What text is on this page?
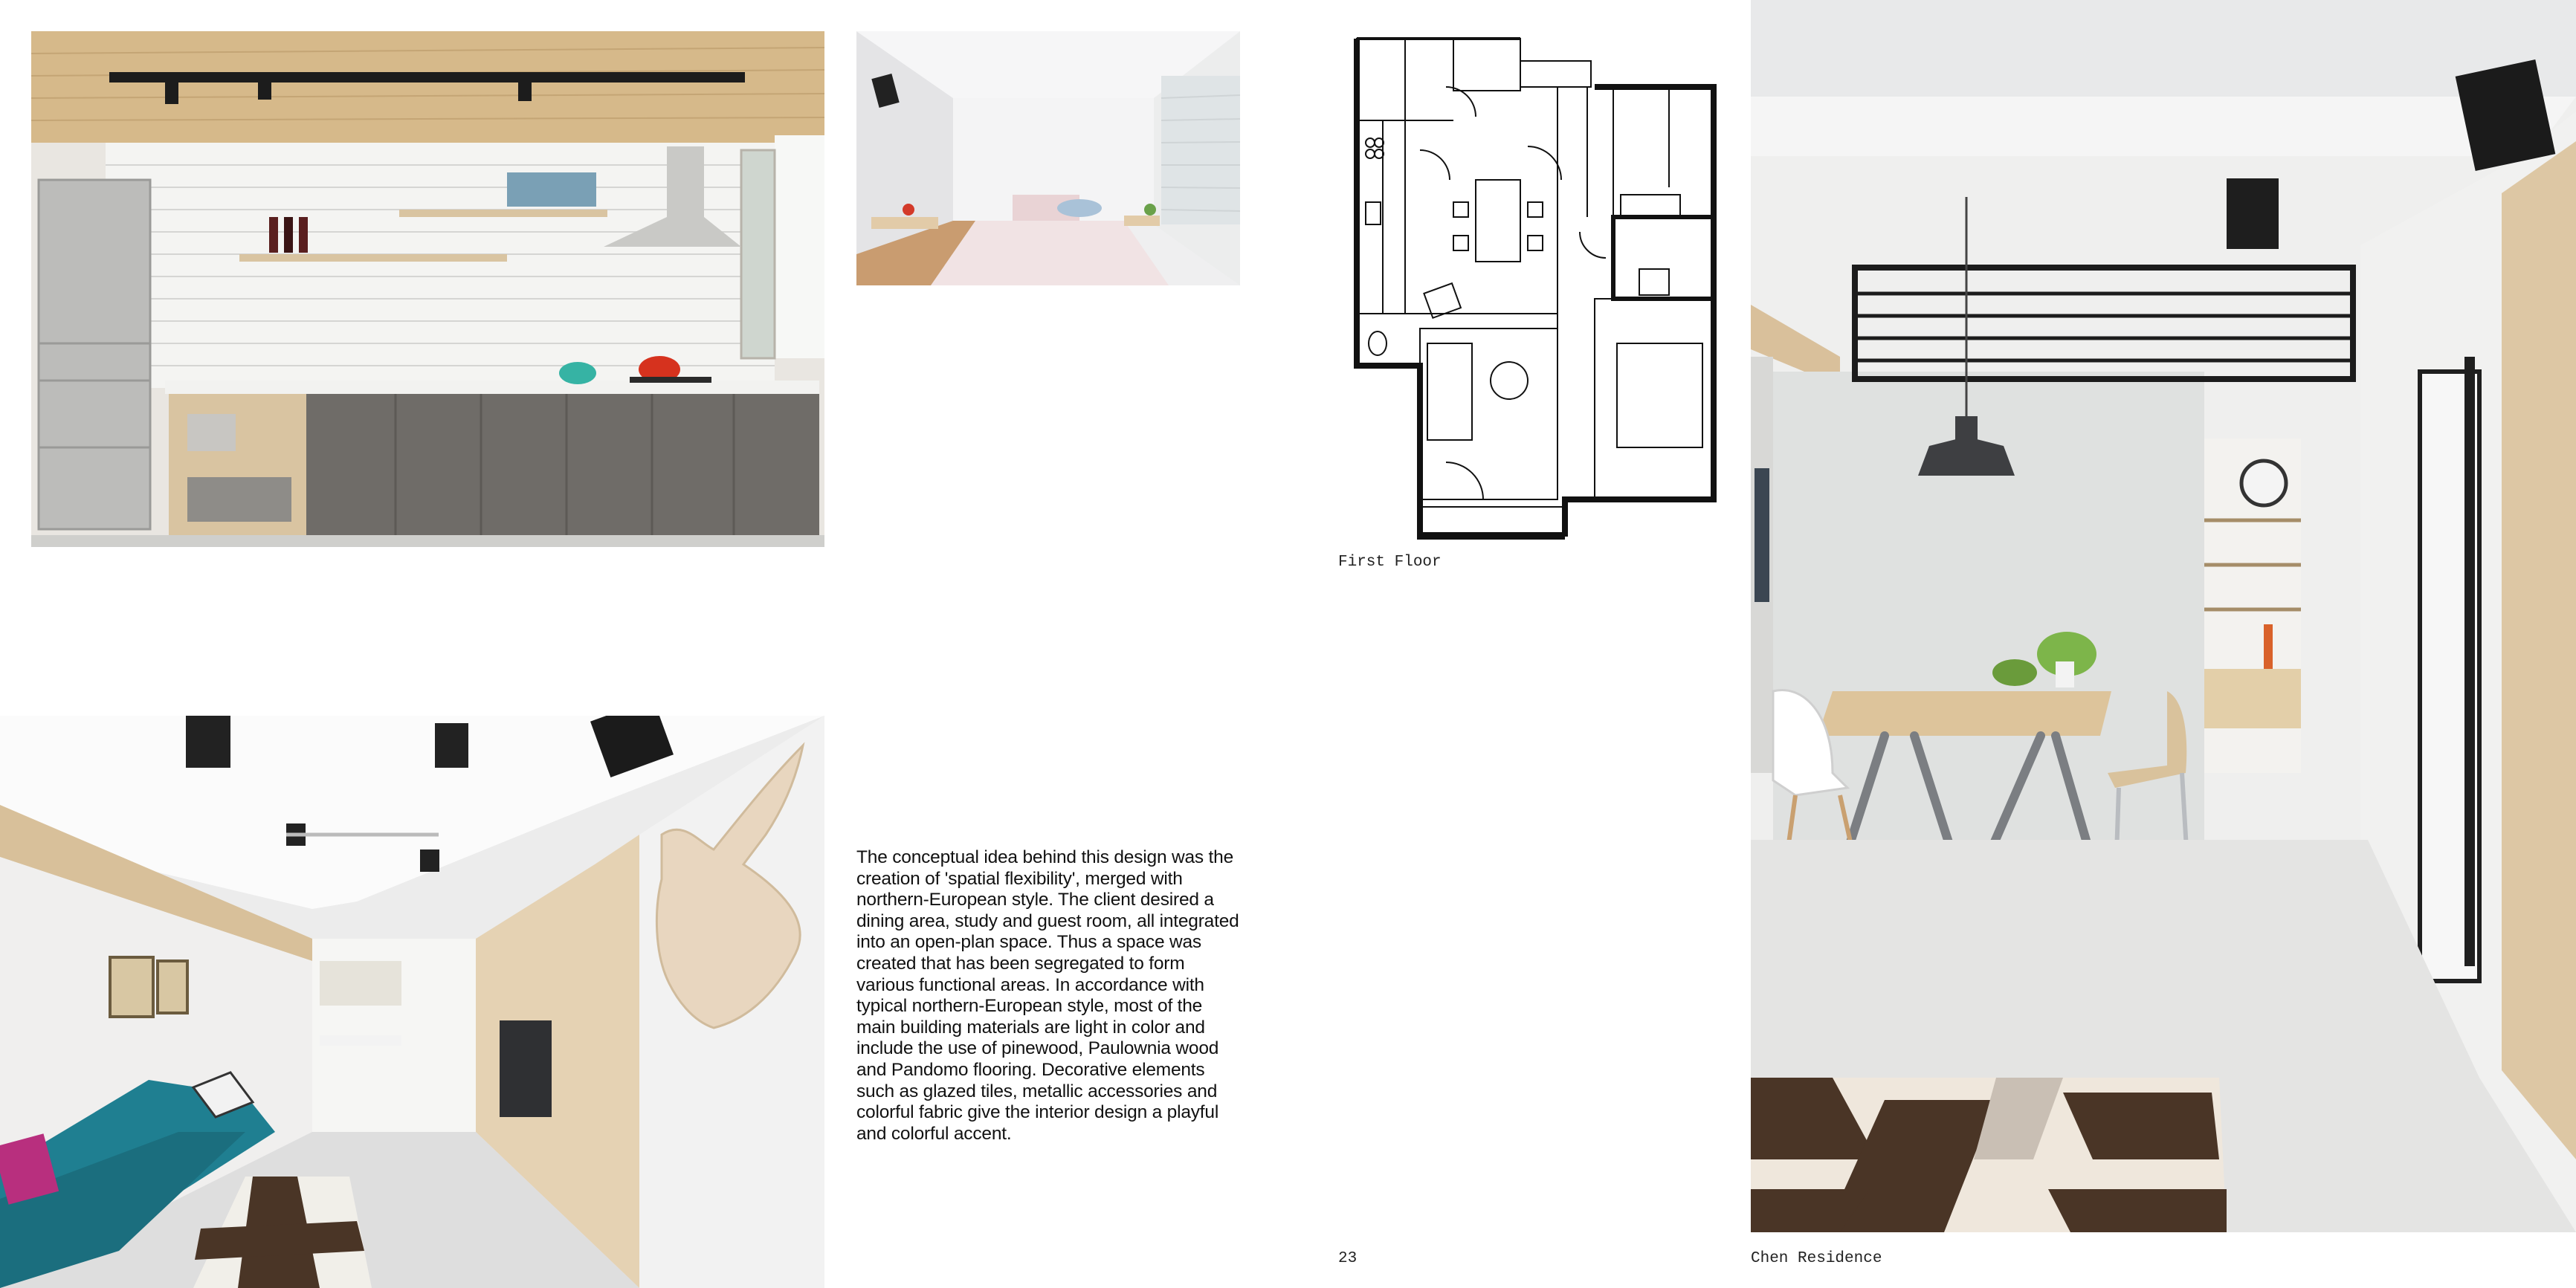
First Floor

The conceptual idea behind this design was the creation of 'spatial flexibility', merged with northern-European style. The client desired a dining area, study and guest room, all integrated into an open-plan space. Thus a space was created that has been segregated to form various functional areas. In accordance with typical northern-European style, most of the main building materials are light in color and include the use of pinewood, Paulownia wood and Pandomo flooring. Decorative elements such as glazed tiles, metallic accessories and colorful fabric give the interior design a playful and colorful accent.

23	Chen Residence
